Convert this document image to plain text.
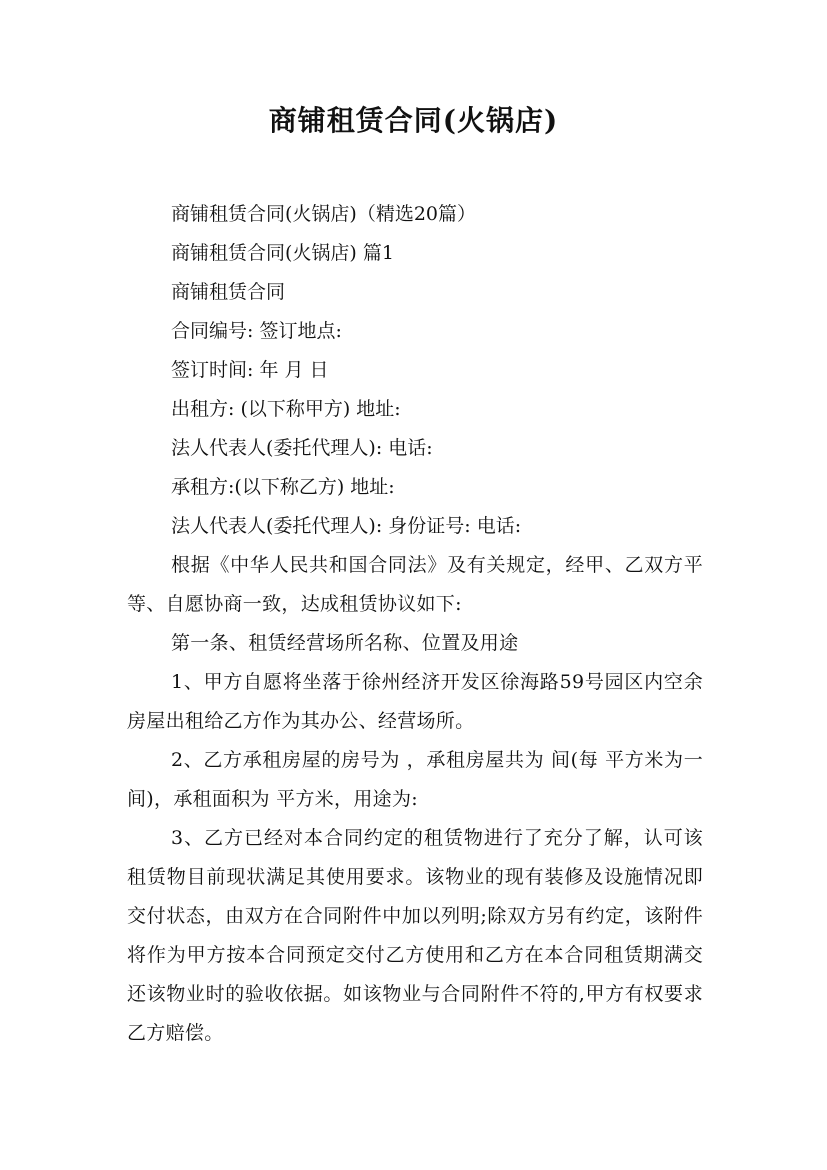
商铺租赁合同(火锅店)
商铺租赁合同(火锅店)（精选20篇）
商铺租赁合同(火锅店) 篇1
商铺租赁合同
合同编号: 签订地点:
签订时间: 年 月 日
出租方: (以下称甲方) 地址:
法人代表人(委托代理人): 电话:
承租方:(以下称乙方) 地址:
法人代表人(委托代理人): 身份证号: 电话:
根据《中华人民共和国合同法》及有关规定，经甲、乙双方平等、自愿协商一致，达成租赁协议如下:
第一条、租赁经营场所名称、位置及用途
1、甲方自愿将坐落于徐州经济开发区徐海路59号园区内空余房屋出租给乙方作为其办公、经营场所。
2、乙方承租房屋的房号为 ，承租房屋共为 间(每 平方米为一间)，承租面积为 平方米，用途为:
3、乙方已经对本合同约定的租赁物进行了充分了解，认可该租赁物目前现状满足其使用要求。该物业的现有装修及设施情况即交付状态，由双方在合同附件中加以列明;除双方另有约定，该附件将作为甲方按本合同预定交付乙方使用和乙方在本合同租赁期满交还该物业时的验收依据。如该物业与合同附件不符的,甲方有权要求乙方赔偿。
